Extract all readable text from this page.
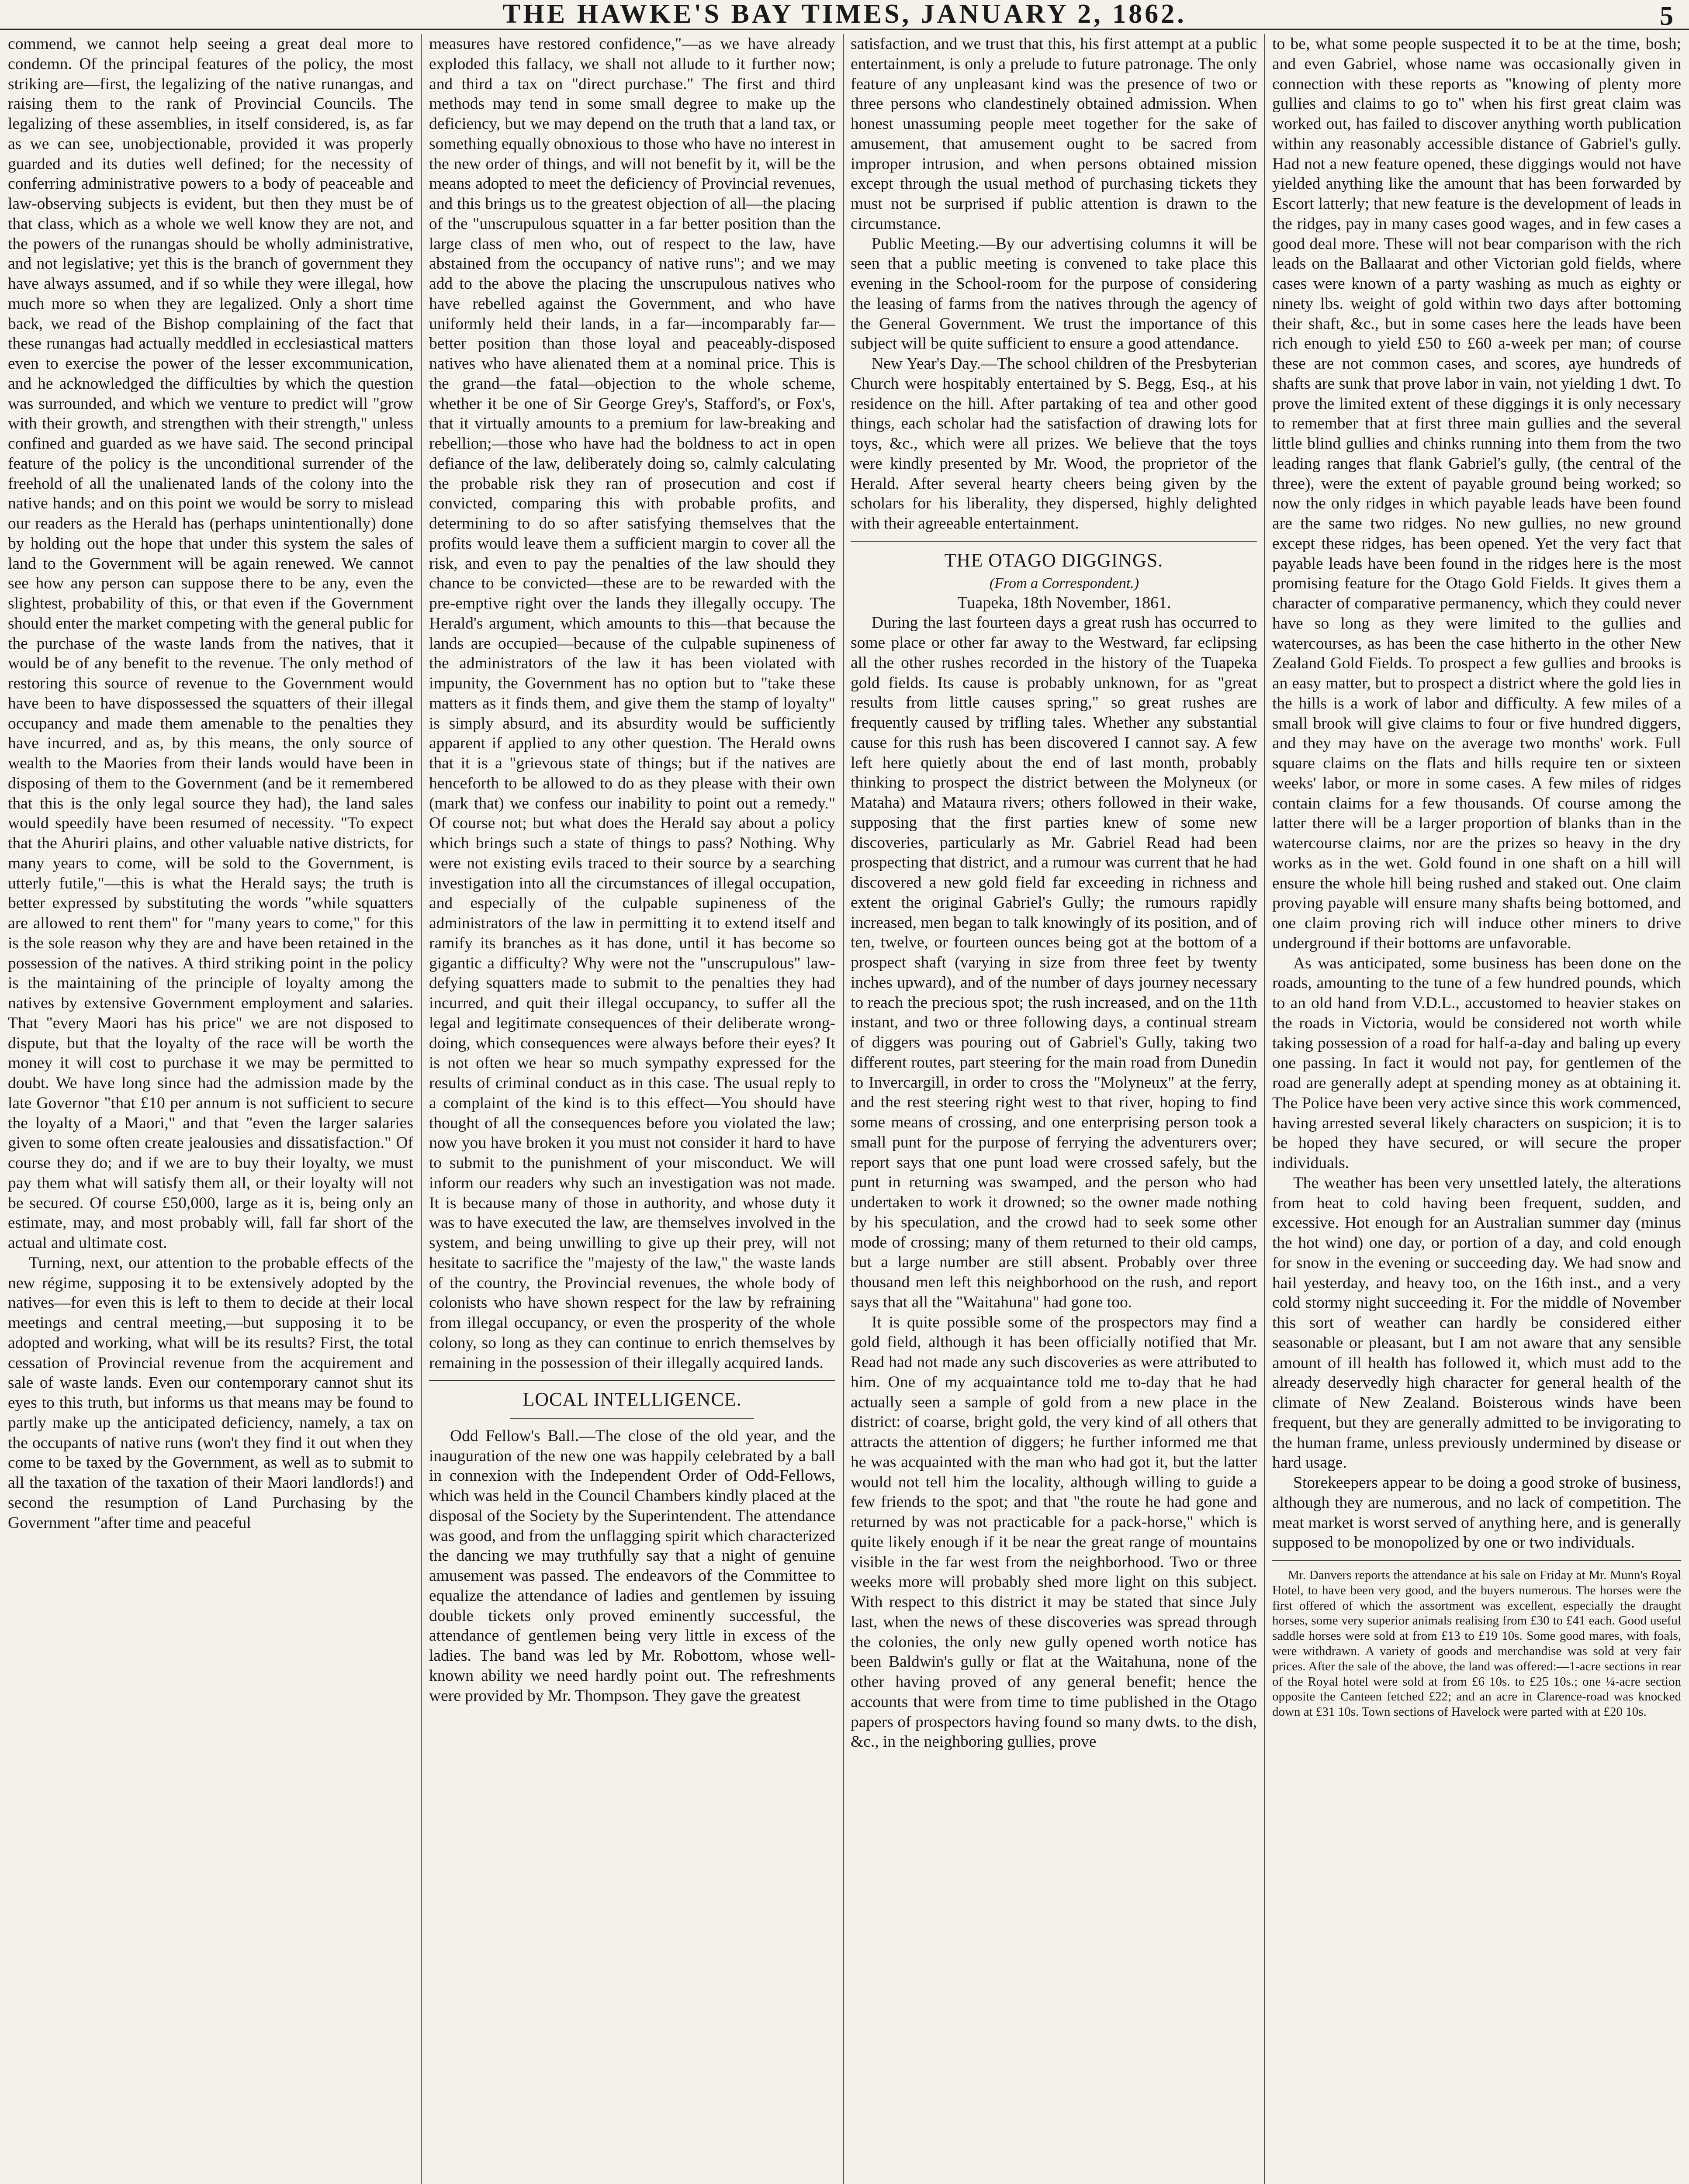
THE HAWKE'S BAY TIMES, JANUARY 2, 1862.	5

commend, we cannot help seeing a great deal more to condemn. Of the principal features of the policy, the most striking are—first, the legalizing of the native runangas, and raising them to the rank of Provincial Councils. The legalizing of these assemblies, in itself considered, is, as far as we can see, unobjectionable, provided it was properly guarded and its duties well defined; for the necessity of conferring administrative powers to a body of peaceable and law-observing subjects is evident, but then they must be of that class, which as a whole we well know they are not, and the powers of the runangas should be wholly administrative, and not legislative; yet this is the branch of government they have always assumed, and if so while they were illegal, how much more so when they are legalized. Only a short time back, we read of the Bishop complaining of the fact that these runangas had actually meddled in ecclesiastical matters even to exercise the power of the lesser excommunication, and he acknowledged the difficulties by which the question was surrounded, and which we venture to predict will "grow with their growth, and strengthen with their strength," unless confined and guarded as we have said. The second principal feature of the policy is the unconditional surrender of the freehold of all the unalienated lands of the colony into the native hands; and on this point we would be sorry to mislead our readers as the Herald has (perhaps unintentionally) done by holding out the hope that under this system the sales of land to the Government will be again renewed. We cannot see how any person can suppose there to be any, even the slightest, probability of this, or that even if the Government should enter the market competing with the general public for the purchase of the waste lands from the natives, that it would be of any benefit to the revenue. The only method of restoring this source of revenue to the Government would have been to have dispossessed the squatters of their illegal occupancy and made them amenable to the penalties they have incurred, and as, by this means, the only source of wealth to the Maories from their lands would have been in disposing of them to the Government (and be it remembered that this is the only legal source they had), the land sales would speedily have been resumed of necessity. "To expect that the Ahuriri plains, and other valuable native districts, for many years to come, will be sold to the Government, is utterly futile,"—this is what the Herald says; the truth is better expressed by substituting the words "while squatters are allowed to rent them" for "many years to come," for this is the sole reason why they are and have been retained in the possession of the natives. A third striking point in the policy is the maintaining of the principle of loyalty among the natives by extensive Government employment and salaries. That "every Maori has his price" we are not disposed to dispute, but that the loyalty of the race will be worth the money it will cost to purchase it we may be permitted to doubt. We have long since had the admission made by the late Governor "that £10 per annum is not sufficient to secure the loyalty of a Maori," and that "even the larger salaries given to some often create jealousies and dissatisfaction." Of course they do; and if we are to buy their loyalty, we must pay them what will satisfy them all, or their loyalty will not be secured. Of course £50,000, large as it is, being only an estimate, may, and most probably will, fall far short of the actual and ultimate cost.

Turning, next, our attention to the probable effects of the new régime, supposing it to be extensively adopted by the natives—for even this is left to them to decide at their local meetings and central meeting,—but supposing it to be adopted and working, what will be its results? First, the total cessation of Provincial revenue from the acquirement and sale of waste lands. Even our contemporary cannot shut its eyes to this truth, but informs us that means may be found to partly make up the anticipated deficiency, namely, a tax on the occupants of native runs (won't they find it out when they come to be taxed by the Government, as well as to submit to all the taxation of the taxation of their Maori landlords!) and second the resumption of Land Purchasing by the Government "after time and peaceful

measures have restored confidence,"—as we have already exploded this fallacy, we shall not allude to it further now; and third a tax on "direct purchase." The first and third methods may tend in some small degree to make up the deficiency, but we may depend on the truth that a land tax, or something equally obnoxious to those who have no interest in the new order of things, and will not benefit by it, will be the means adopted to meet the deficiency of Provincial revenues, and this brings us to the greatest objection of all—the placing of the "unscrupulous squatter in a far better position than the large class of men who, out of respect to the law, have abstained from the occupancy of native runs"; and we may add to the above the placing the unscrupulous natives who have rebelled against the Government, and who have uniformly held their lands, in a far—incomparably far—better position than those loyal and peaceably-disposed natives who have alienated them at a nominal price. This is the grand—the fatal—objection to the whole scheme, whether it be one of Sir George Grey's, Stafford's, or Fox's, that it virtually amounts to a premium for law-breaking and rebellion;—those who have had the boldness to act in open defiance of the law, deliberately doing so, calmly calculating the probable risk they ran of prosecution and cost if convicted, comparing this with probable profits, and determining to do so after satisfying themselves that the profits would leave them a sufficient margin to cover all the risk, and even to pay the penalties of the law should they chance to be convicted—these are to be rewarded with the pre-emptive right over the lands they illegally occupy. The Herald's argument, which amounts to this—that because the lands are occupied—because of the culpable supineness of the administrators of the law it has been violated with impunity, the Government has no option but to "take these matters as it finds them, and give them the stamp of loyalty" is simply absurd, and its absurdity would be sufficiently apparent if applied to any other question. The Herald owns that it is a "grievous state of things; but if the natives are henceforth to be allowed to do as they please with their own (mark that) we confess our inability to point out a remedy." Of course not; but what does the Herald say about a policy which brings such a state of things to pass? Nothing. Why were not existing evils traced to their source by a searching investigation into all the circumstances of illegal occupation, and especially of the culpable supineness of the administrators of the law in permitting it to extend itself and ramify its branches as it has done, until it has become so gigantic a difficulty? Why were not the "unscrupulous" law-defying squatters made to submit to the penalties they had incurred, and quit their illegal occupancy, to suffer all the legal and legitimate consequences of their deliberate wrong-doing, which consequences were always before their eyes? It is not often we hear so much sympathy expressed for the results of criminal conduct as in this case. The usual reply to a complaint of the kind is to this effect—You should have thought of all the consequences before you violated the law; now you have broken it you must not consider it hard to have to submit to the punishment of your misconduct. We will inform our readers why such an investigation was not made. It is because many of those in authority, and whose duty it was to have executed the law, are themselves involved in the system, and being unwilling to give up their prey, will not hesitate to sacrifice the "majesty of the law," the waste lands of the country, the Provincial revenues, the whole body of colonists who have shown respect for the law by refraining from illegal occupancy, or even the prosperity of the whole colony, so long as they can continue to enrich themselves by remaining in the possession of their illegally acquired lands.

LOCAL INTELLIGENCE.

Odd Fellow's Ball.—The close of the old year, and the inauguration of the new one was happily celebrated by a ball in connexion with the Independent Order of Odd-Fellows, which was held in the Council Chambers kindly placed at the disposal of the Society by the Superintendent. The attendance was good, and from the unflagging spirit which characterized the dancing we may truthfully say that a night of genuine amusement was passed. The endeavors of the Committee to equalize the attendance of ladies and gentlemen by issuing double tickets only proved eminently successful, the attendance of gentlemen being very little in excess of the ladies. The band was led by Mr. Robottom, whose well-known ability we need hardly point out. The refreshments were provided by Mr. Thompson. They gave the greatest

satisfaction, and we trust that this, his first attempt at a public entertainment, is only a prelude to future patronage. The only feature of any unpleasant kind was the presence of two or three persons who clandestinely obtained admission. When honest unassuming people meet together for the sake of amusement, that amusement ought to be sacred from improper intrusion, and when persons obtained mission except through the usual method of purchasing tickets they must not be surprised if public attention is drawn to the circumstance.

Public Meeting.—By our advertising columns it will be seen that a public meeting is convened to take place this evening in the School-room for the purpose of considering the leasing of farms from the natives through the agency of the General Government. We trust the importance of this subject will be quite sufficient to ensure a good attendance.

New Year's Day.—The school children of the Presbyterian Church were hospitably entertained by S. Begg, Esq., at his residence on the hill. After partaking of tea and other good things, each scholar had the satisfaction of drawing lots for toys, &c., which were all prizes. We believe that the toys were kindly presented by Mr. Wood, the proprietor of the Herald. After several hearty cheers being given by the scholars for his liberality, they dispersed, highly delighted with their agreeable entertainment.

THE OTAGO DIGGINGS.

(From a Correspondent.)

Tuapeka, 18th November, 1861.

During the last fourteen days a great rush has occurred to some place or other far away to the Westward, far eclipsing all the other rushes recorded in the history of the Tuapeka gold fields. Its cause is probably unknown, for as "great results from little causes spring," so great rushes are frequently caused by trifling tales. Whether any substantial cause for this rush has been discovered I cannot say. A few left here quietly about the end of last month, probably thinking to prospect the district between the Molyneux (or Mataha) and Mataura rivers; others followed in their wake, supposing that the first parties knew of some new discoveries, particularly as Mr. Gabriel Read had been prospecting that district, and a rumour was current that he had discovered a new gold field far exceeding in richness and extent the original Gabriel's Gully; the rumours rapidly increased, men began to talk knowingly of its position, and of ten, twelve, or fourteen ounces being got at the bottom of a prospect shaft (varying in size from three feet by twenty inches upward), and of the number of days journey necessary to reach the precious spot; the rush increased, and on the 11th instant, and two or three following days, a continual stream of diggers was pouring out of Gabriel's Gully, taking two different routes, part steering for the main road from Dunedin to Invercargill, in order to cross the "Molyneux" at the ferry, and the rest steering right west to that river, hoping to find some means of crossing, and one enterprising person took a small punt for the purpose of ferrying the adventurers over; report says that one punt load were crossed safely, but the punt in returning was swamped, and the person who had undertaken to work it drowned; so the owner made nothing by his speculation, and the crowd had to seek some other mode of crossing; many of them returned to their old camps, but a large number are still absent. Probably over three thousand men left this neighborhood on the rush, and report says that all the "Waitahuna" had gone too.

It is quite possible some of the prospectors may find a gold field, although it has been officially notified that Mr. Read had not made any such discoveries as were attributed to him. One of my acquaintance told me to-day that he had actually seen a sample of gold from a new place in the district: of coarse, bright gold, the very kind of all others that attracts the attention of diggers; he further informed me that he was acquainted with the man who had got it, but the latter would not tell him the locality, although willing to guide a few friends to the spot; and that "the route he had gone and returned by was not practicable for a pack-horse," which is quite likely enough if it be near the great range of mountains visible in the far west from the neighborhood. Two or three weeks more will probably shed more light on this subject. With respect to this district it may be stated that since July last, when the news of these discoveries was spread through the colonies, the only new gully opened worth notice has been Baldwin's gully or flat at the Waitahuna, none of the other having proved of any general benefit; hence the accounts that were from time to time published in the Otago papers of prospectors having found so many dwts. to the dish, &c., in the neighboring gullies, prove

to be, what some people suspected it to be at the time, bosh; and even Gabriel, whose name was occasionally given in connection with these reports as "knowing of plenty more gullies and claims to go to" when his first great claim was worked out, has failed to discover anything worth publication within any reasonably accessible distance of Gabriel's gully. Had not a new feature opened, these diggings would not have yielded anything like the amount that has been forwarded by Escort latterly; that new feature is the development of leads in the ridges, pay in many cases good wages, and in few cases a good deal more. These will not bear comparison with the rich leads on the Ballaarat and other Victorian gold fields, where cases were known of a party washing as much as eighty or ninety lbs. weight of gold within two days after bottoming their shaft, &c., but in some cases here the leads have been rich enough to yield £50 to £60 a-week per man; of course these are not common cases, and scores, aye hundreds of shafts are sunk that prove labor in vain, not yielding 1 dwt. To prove the limited extent of these diggings it is only necessary to remember that at first three main gullies and the several little blind gullies and chinks running into them from the two leading ranges that flank Gabriel's gully, (the central of the three), were the extent of payable ground being worked; so now the only ridges in which payable leads have been found are the same two ridges. No new gullies, no new ground except these ridges, has been opened. Yet the very fact that payable leads have been found in the ridges here is the most promising feature for the Otago Gold Fields. It gives them a character of comparative permanency, which they could never have so long as they were limited to the gullies and watercourses, as has been the case hitherto in the other New Zealand Gold Fields. To prospect a few gullies and brooks is an easy matter, but to prospect a district where the gold lies in the hills is a work of labor and difficulty. A few miles of a small brook will give claims to four or five hundred diggers, and they may have on the average two months' work. Full square claims on the flats and hills require ten or sixteen weeks' labor, or more in some cases. A few miles of ridges contain claims for a few thousands. Of course among the latter there will be a larger proportion of blanks than in the watercourse claims, nor are the prizes so heavy in the dry works as in the wet. Gold found in one shaft on a hill will ensure the whole hill being rushed and staked out. One claim proving payable will ensure many shafts being bottomed, and one claim proving rich will induce other miners to drive underground if their bottoms are unfavorable.

As was anticipated, some business has been done on the roads, amounting to the tune of a few hundred pounds, which to an old hand from V.D.L., accustomed to heavier stakes on the roads in Victoria, would be considered not worth while taking possession of a road for half-a-day and baling up every one passing. In fact it would not pay, for gentlemen of the road are generally adept at spending money as at obtaining it. The Police have been very active since this work commenced, having arrested several likely characters on suspicion; it is to be hoped they have secured, or will secure the proper individuals.

The weather has been very unsettled lately, the alterations from heat to cold having been frequent, sudden, and excessive. Hot enough for an Australian summer day (minus the hot wind) one day, or portion of a day, and cold enough for snow in the evening or succeeding day. We had snow and hail yesterday, and heavy too, on the 16th inst., and a very cold stormy night succeeding it. For the middle of November this sort of weather can hardly be considered either seasonable or pleasant, but I am not aware that any sensible amount of ill health has followed it, which must add to the already deservedly high character for general health of the climate of New Zealand. Boisterous winds have been frequent, but they are generally admitted to be invigorating to the human frame, unless previously undermined by disease or hard usage.

Storekeepers appear to be doing a good stroke of business, although they are numerous, and no lack of competition. The meat market is worst served of anything here, and is generally supposed to be monopolized by one or two individuals.

Mr. Danvers reports the attendance at his sale on Friday at Mr. Munn's Royal Hotel, to have been very good, and the buyers numerous. The horses were the first offered of which the assortment was excellent, especially the draught horses, some very superior animals realising from £30 to £41 each. Good useful saddle horses were sold at from £13 to £19 10s. Some good mares, with foals, were withdrawn. A variety of goods and merchandise was sold at very fair prices. After the sale of the above, the land was offered:—1-acre sections in rear of the Royal hotel were sold at from £6 10s. to £25 10s.; one ¼-acre section opposite the Canteen fetched £22; and an acre in Clarence-road was knocked down at £31 10s. Town sections of Havelock were parted with at £20 10s.
